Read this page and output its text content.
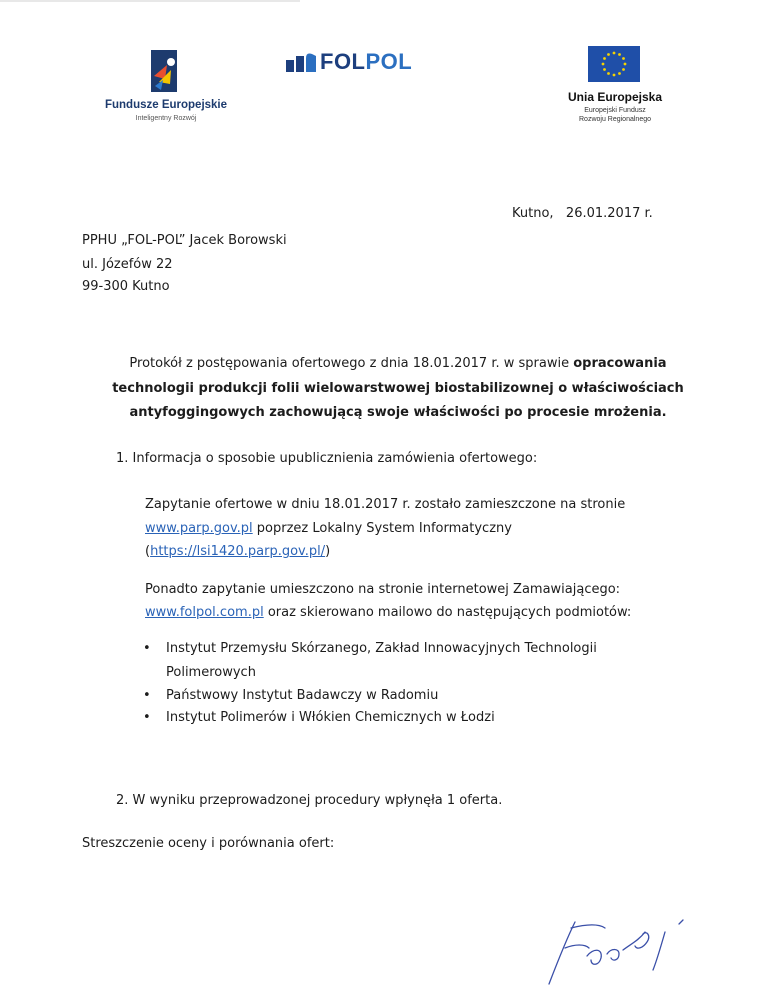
Fundusze Europejskie
Inteligentny Rozwój
FOLPOL
Unia Europejska
Europejski Fundusz
Rozwoju Regionalnego
Kutno,   26.01.2017 r.
PPHU „FOL-POL” Jacek Borowski
ul. Józefów 22
99-300 Kutno
Protokół z postępowania ofertowego z dnia 18.01.2017 r. w sprawie opracowania
technologii produkcji folii wielowarstwowej biostabilizownej o właściwościach
antyfoggingowych zachowującą swoje właściwości po procesie mrożenia.
1. Informacja o sposobie upublicznienia zamówienia ofertowego:
Zapytanie ofertowe w dniu 18.01.2017 r. zostało zamieszczone na stronie
www.parp.gov.pl poprzez Lokalny System Informatyczny
(https://lsi1420.parp.gov.pl/)
Ponadto zapytanie umieszczono na stronie internetowej Zamawiającego:
www.folpol.com.pl oraz skierowano mailowo do następujących podmiotów:
• Instytut Przemysłu Skórzanego, Zakład Innowacyjnych Technologii
Polimerowych
• Państwowy Instytut Badawczy w Radomiu
• Instytut Polimerów i Włókien Chemicznych w Łodzi
2. W wyniku przeprowadzonej procedury wpłynęła 1 oferta.
Streszczenie oceny i porównania ofert:
